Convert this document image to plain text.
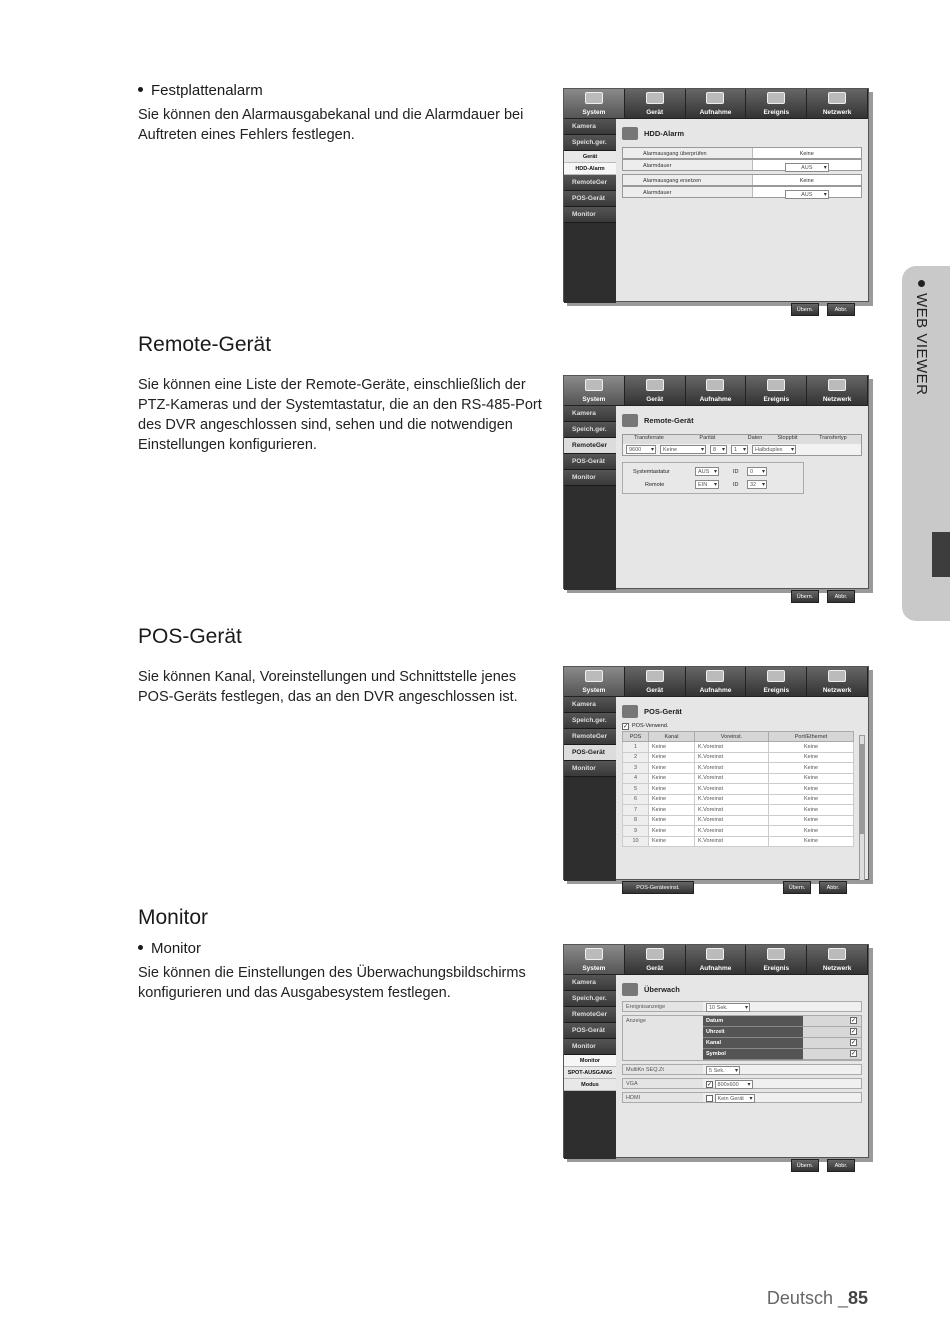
Festplattenalarm
Sie können den Alarmausgabekanal und die Alarmdauer bei Auftreten eines Fehlers festlegen.
System	Gerät	Aufnahme	Ereignis	Netzwerk
Kamera
Speich.ger.
Gerät
HDD-Alarm
RemoteGer
POS-Gerät
Monitor
HDD-Alarm
Alarmausgang überprüfen	Keine
Alarmdauer	AUS ▾
Alarmausgang ersetzen	Keine
Alarmdauer	AUS ▾
Übern.	Abbr.
Remote-Gerät
Sie können eine Liste der Remote-Geräte, einschließlich der PTZ-Kameras und der Systemtastatur, die an den RS-485-Port des DVR angeschlossen sind, sehen und die notwendigen Einstellungen konfigurieren.
System	Gerät	Aufnahme	Ereignis	Netzwerk
Kamera
Speich.ger.
RemoteGer
POS-Gerät
Monitor
Remote-Gerät
Transferrate	Parität	Daten	Stoppbit	Transfertyp
9600 ▾	Keine ▾	8 ▾	1 ▾	Halbduplex ▾
Systemtastatur	AUS ▾	ID	0 ▾
Remote	EIN ▾	ID	32 ▾
Übern.	Abbr.
POS-Gerät
Sie können Kanal, Voreinstellungen und Schnittstelle jenes POS-Geräts festlegen, das an den DVR angeschlossen ist.	System	Gerät	Aufnahme	Ereignis	Netzwerk
Kamera
Speich.ger.
RemoteGer
POS-Gerät
Monitor
POS-Gerät
✓ POS-Verwend.
POS	Kanal	Voreinst.	Port/Ethernet
1	Keine	K.Voreinst	Keine
2	Keine	K.Voreinst	Keine
3	Keine	K.Voreinst	Keine
4	Keine	K.Voreinst	Keine
5	Keine	K.Voreinst	Keine
6	Keine	K.Voreinst	Keine
7	Keine	K.Voreinst	Keine
8	Keine	K.Voreinst	Keine
9	Keine	K.Voreinst	Keine
10	Keine	K.Voreinst	Keine
POS-Geräteeinst.	Übern.	Abbr.
Monitor
Monitor
Sie können die Einstellungen des Überwachungsbildschirms konfigurieren und das Ausgabesystem festlegen.
System	Gerät	Aufnahme	Ereignis	Netzwerk
Kamera
Speich.ger.
RemoteGer
POS-Gerät
Monitor
Monitor
SPOT-AUSGANG
Modus
Überwach
Ereignisanzeige	10 Sek. ▾
Anzeige	Datum	✓
Uhrzeit	✓
Kanal	✓
Symbol	✓
MultiKn SEQ.Zt	5 Sek. ▾
VGA	✓ 800x600 ▾
HDMI	Kein Gerät ▾
Übern.	Abbr.
WEB VIEWER
Deutsch _85
